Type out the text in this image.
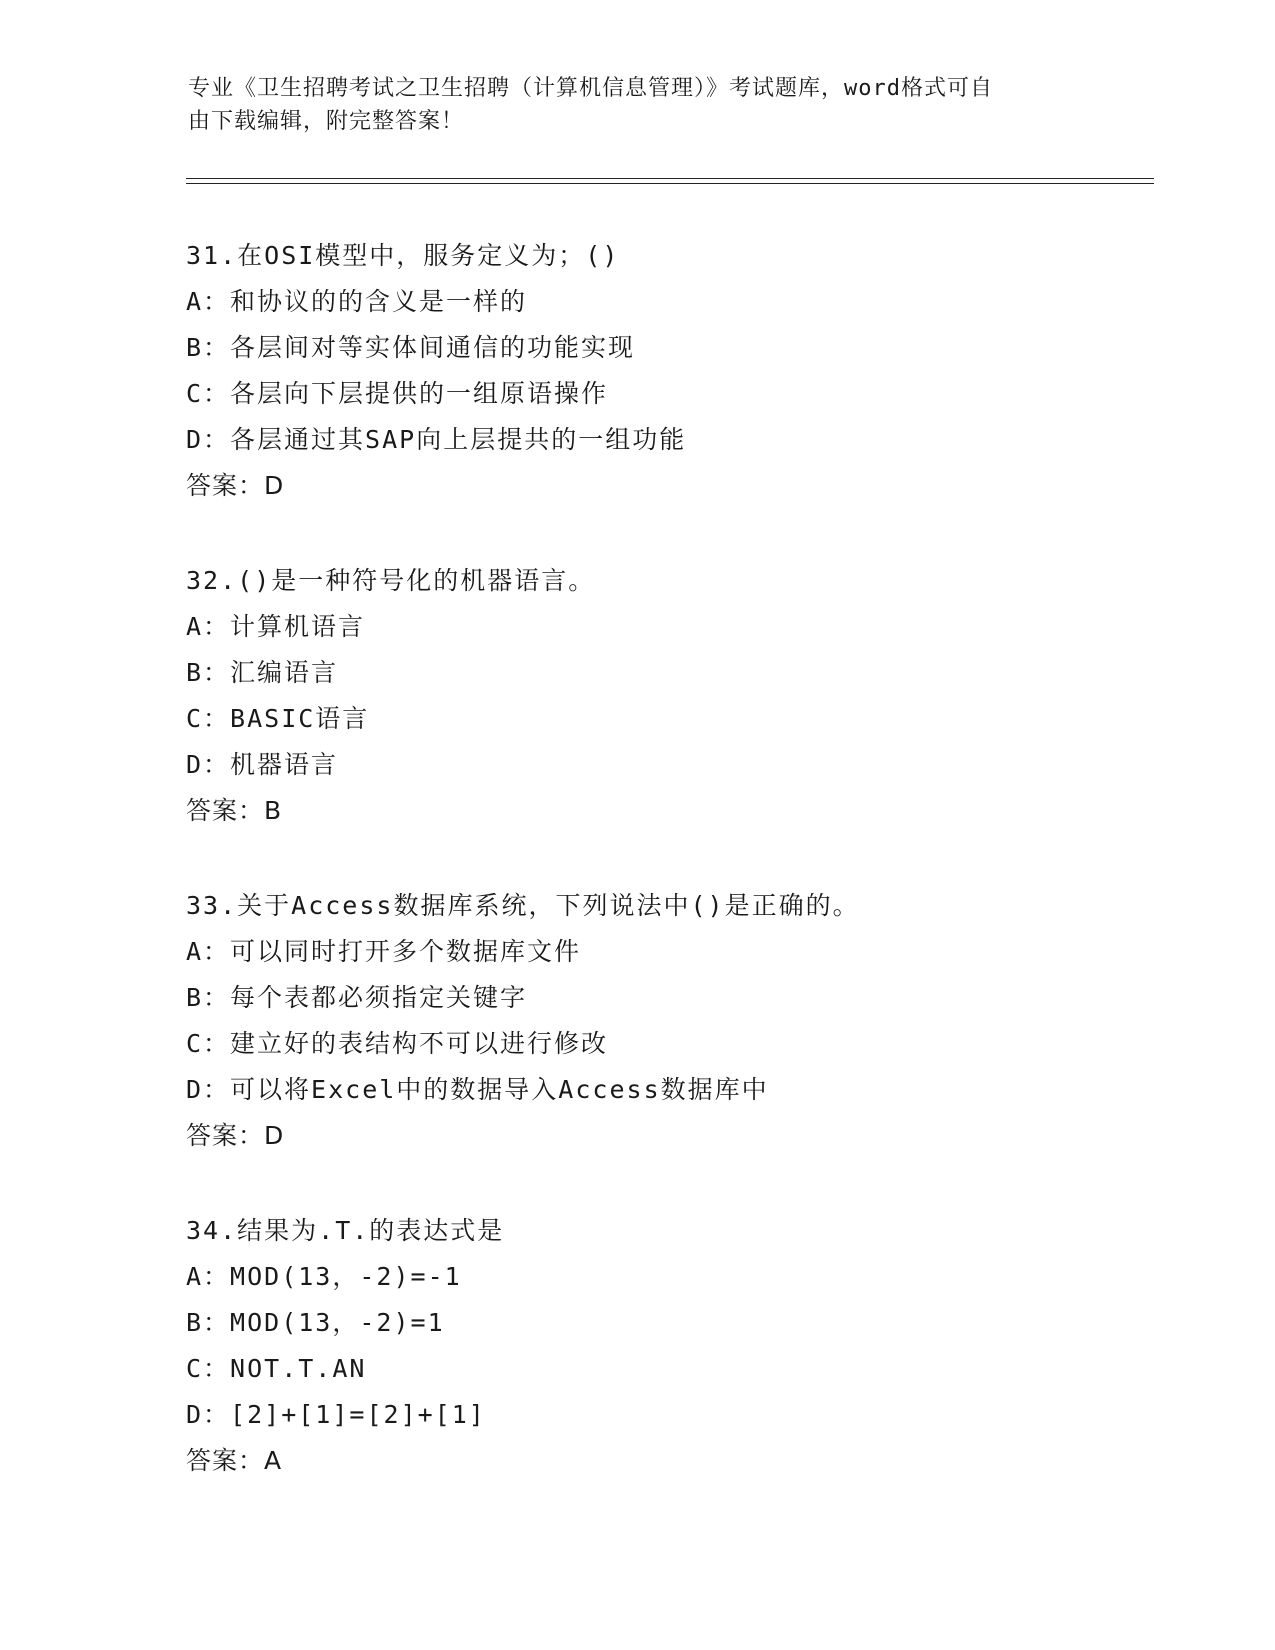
专业《卫生招聘考试之卫生招聘（计算机信息管理）》考试题库，word格式可自
由下载编辑，附完整答案！
31.在OSI模型中，服务定义为；()
A：和协议的的含义是一样的
B：各层间对等实体间通信的功能实现
C：各层向下层提供的一组原语操作
D：各层通过其SAP向上层提共的一组功能
答案：D
32.()是一种符号化的机器语言。
A：计算机语言
B：汇编语言
C：BASIC语言
D：机器语言
答案：B
33.关于Access数据库系统，下列说法中()是正确的。
A：可以同时打开多个数据库文件
B：每个表都必须指定关键字
C：建立好的表结构不可以进行修改
D：可以将Excel中的数据导入Access数据库中
答案：D
34.结果为.T.的表达式是
A：MOD(13，-2)=-1
B：MOD(13，-2)=1
C：NOT.T.AN
D：[2]+[1]=[2]+[1]
答案：A
